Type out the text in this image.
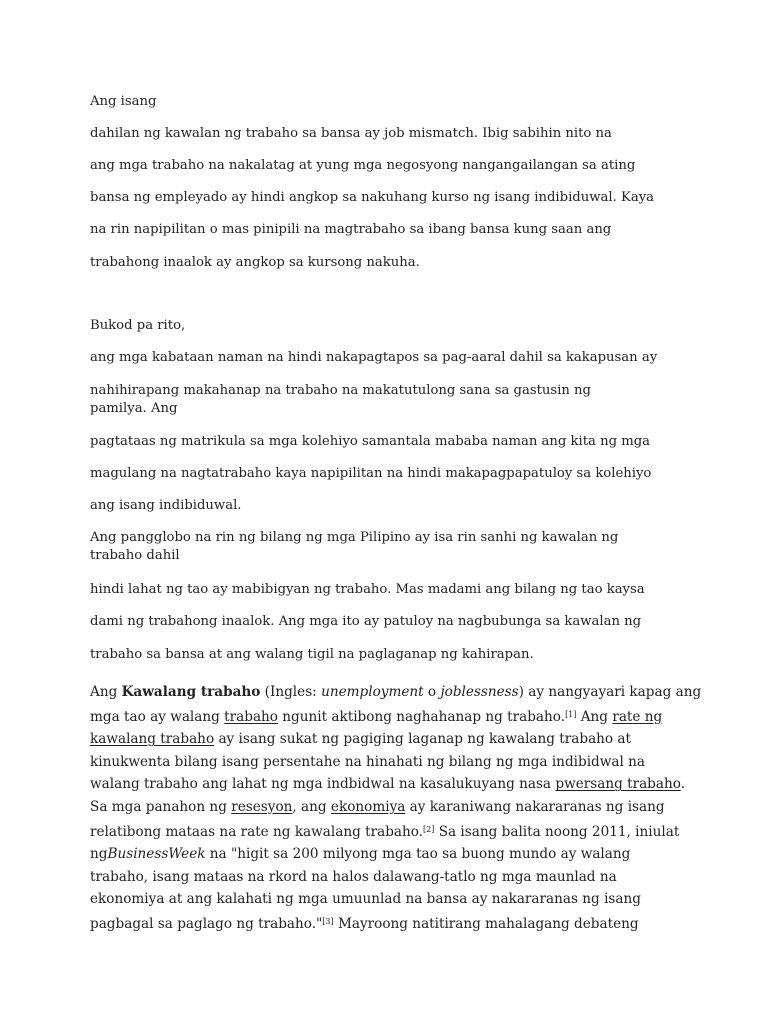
Ang isang
dahilan ng kawalan ng trabaho sa bansa ay job mismatch. Ibig sabihin nito na
ang mga trabaho na nakalatag at yung mga negosyong nangangailangan sa ating
bansa ng empleyado ay hindi angkop sa nakuhang kurso ng isang indibiduwal. Kaya
na rin napipilitan o mas pinipili na magtrabaho sa ibang bansa kung saan ang
trabahong inaalok ay angkop sa kursong nakuha.
Bukod pa rito,
ang mga kabataan naman na hindi nakapagtapos sa pag-aaral dahil sa kakapusan ay
nahihirapang makahanap na trabaho na makatutulong sana sa gastusin ng pamilya. Ang
pagtataas ng matrikula sa mga kolehiyo samantala mababa naman ang kita ng mga
magulang na nagtatrabaho kaya napipilitan na hindi makapagpapatuloy sa kolehiyo
ang isang indibiduwal.
Ang pangglobo na rin ng bilang ng mga Pilipino ay isa rin sanhi ng kawalan ng trabaho dahil
hindi lahat ng tao ay mabibigyan ng trabaho. Mas madami ang bilang ng tao kaysa
dami ng trabahong inaalok. Ang mga ito ay patuloy na nagbubunga sa kawalan ng
trabaho sa bansa at ang walang tigil na paglaganap ng kahirapan.
Ang Kawalang trabaho (Ingles: unemployment o joblessness) ay nangyayari kapag ang
mga tao ay walang trabaho ngunit aktibong naghahanap ng trabaho.[1] Ang rate ng
kawalang trabaho ay isang sukat ng pagiging laganap ng kawalang trabaho at
kinukwenta bilang isang persentahe na hinahati ng bilang ng mga indibidwal na
walang trabaho ang lahat ng mga indbidwal na kasalukuyang nasa pwersang trabaho.
Sa mga panahon ng resesyon, ang ekonomiya ay karaniwang nakararanas ng isang
relatibong mataas na rate ng kawalang trabaho.[2] Sa isang balita noong 2011, iniulat
ngBusinessWeek na "higit sa 200 milyong mga tao sa buong mundo ay walang
trabaho, isang mataas na rkord na halos dalawang-tatlo ng mga maunlad na
ekonomiya at ang kalahati ng mga umuunlad na bansa ay nakararanas ng isang
pagbagal sa paglago ng trabaho."[3] Mayroong natitirang mahalagang debateng
